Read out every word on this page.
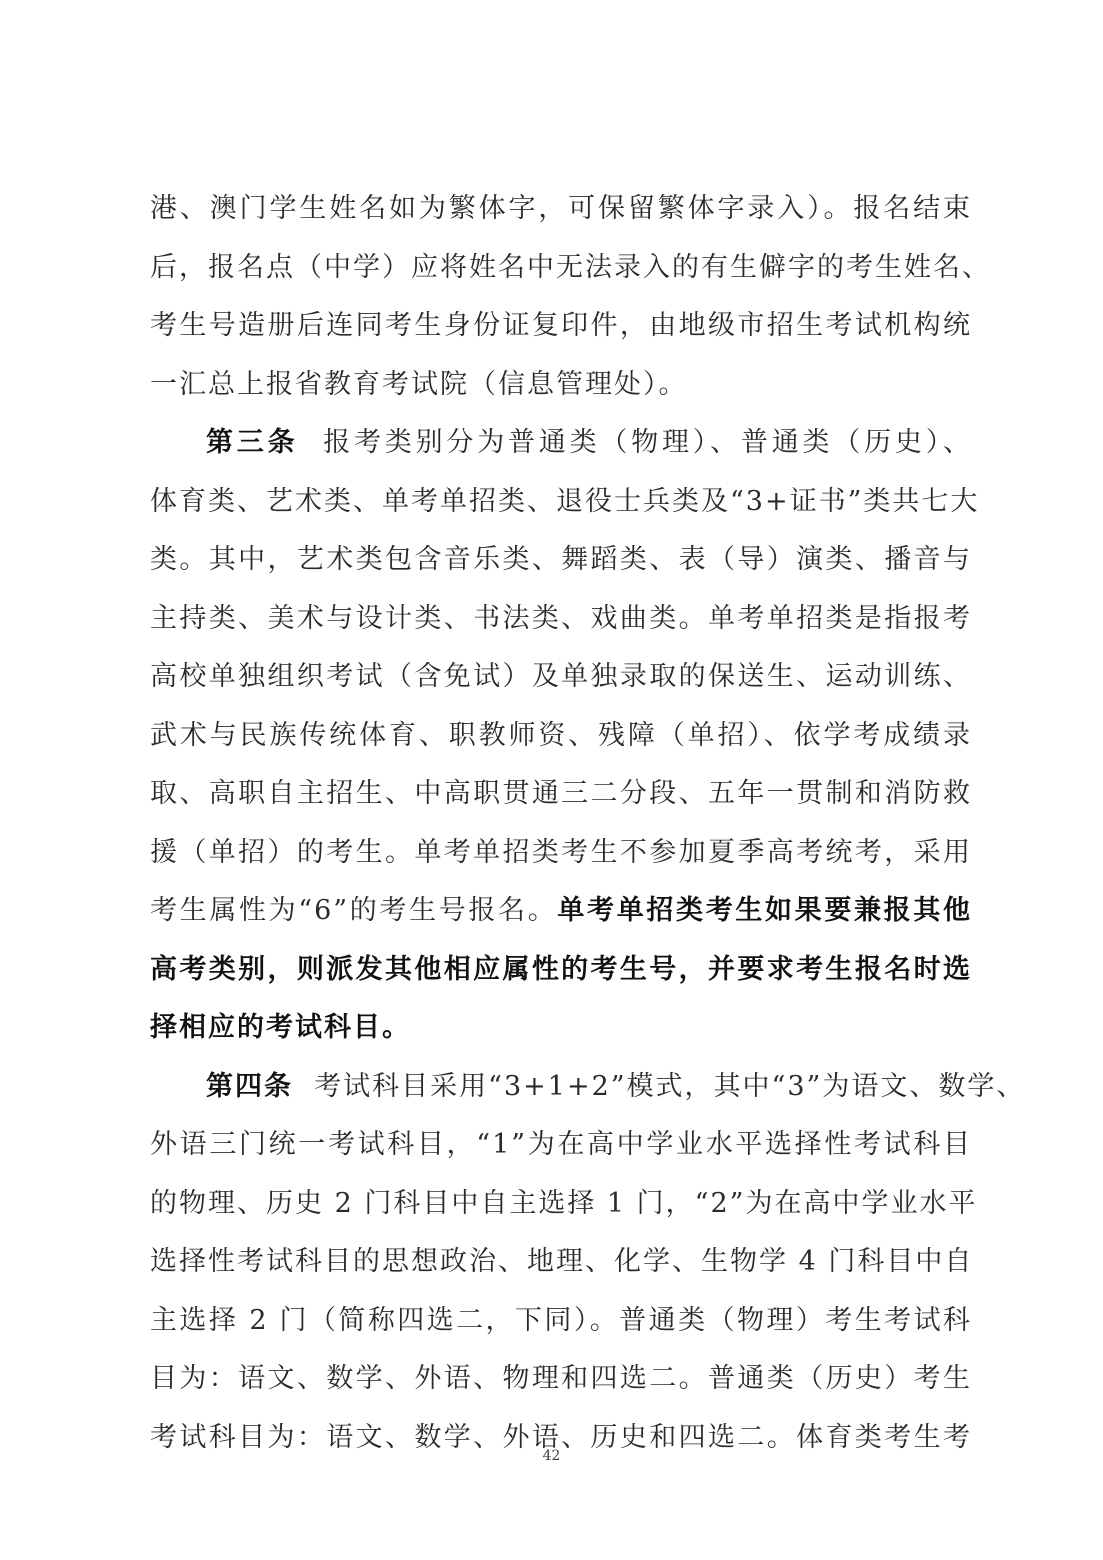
港、澳门学生姓名如为繁体字，可保留繁体字录入）。报名结束
后，报名点（中学）应将姓名中无法录入的有生僻字的考生姓名、
考生号造册后连同考生身份证复印件，由地级市招生考试机构统
一汇总上报省教育考试院（信息管理处）。
第三条 报考类别分为普通类（物理）、普通类（历史）、
体育类、艺术类、单考单招类、退役士兵类及“3+证书”类共七大
类。其中，艺术类包含音乐类、舞蹈类、表（导）演类、播音与
主持类、美术与设计类、书法类、戏曲类。单考单招类是指报考
高校单独组织考试（含免试）及单独录取的保送生、运动训练、
武术与民族传统体育、职教师资、残障（单招）、依学考成绩录
取、高职自主招生、中高职贯通三二分段、五年一贯制和消防救
援（单招）的考生。单考单招类考生不参加夏季高考统考，采用
考生属性为“6”的考生号报名。单考单招类考生如果要兼报其他
高考类别，则派发其他相应属性的考生号，并要求考生报名时选
择相应的考试科目。
第四条 考试科目采用“3+1+2”模式，其中“3”为语文、数学、
外语三门统一考试科目，“1”为在高中学业水平选择性考试科目
的物理、历史 2 门科目中自主选择 1 门，“2”为在高中学业水平
选择性考试科目的思想政治、地理、化学、生物学 4 门科目中自
主选择 2 门（简称四选二，下同）。普通类（物理）考生考试科
目为：语文、数学、外语、物理和四选二。普通类（历史）考生
考试科目为：语文、数学、外语、历史和四选二。体育类考生考
42
